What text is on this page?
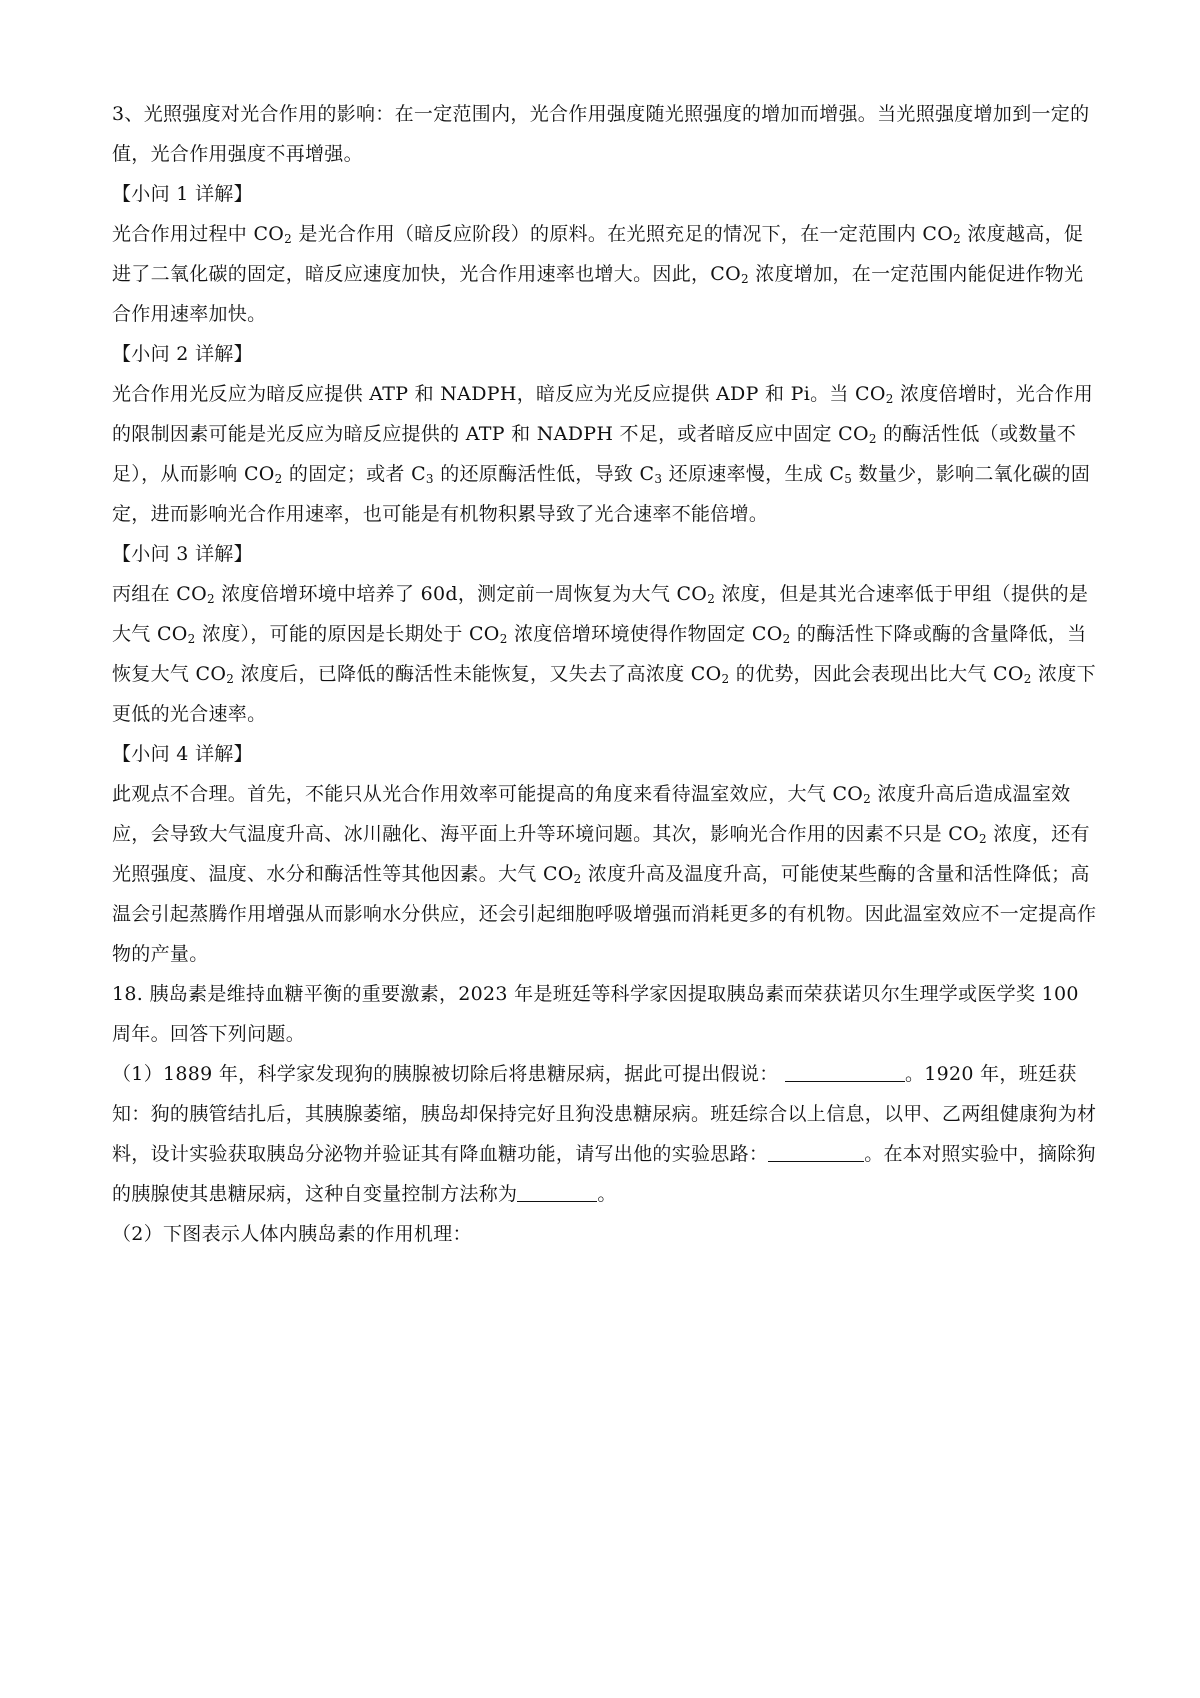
3、光照强度对光合作用的影响：在一定范围内，光合作用强度随光照强度的增加而增强。当光照强度增加到一定的值，光合作用强度不再增强。

【小问 1 详解】

光合作用过程中 $CO_2$ 是光合作用（暗反应阶段）的原料。在光照充足的情况下，在一定范围内 $CO_2$ 浓度越高，促进了二氧化碳的固定，暗反应速度加快，光合作用速率也增大。因此，$CO_2$ 浓度增加，在一定范围内能促进作物光合作用速率加快。

【小问 2 详解】

光合作用光反应为暗反应提供 ATP 和 NADPH，暗反应为光反应提供 ADP 和 Pi。当 $CO_2$ 浓度倍增时，光合作用的限制因素可能是光反应为暗反应提供的 ATP 和 NADPH 不足，或者暗反应中固定 $CO_2$ 的酶活性低（或数量不足），从而影响 $CO_2$ 的固定；或者 $C_3$ 的还原酶活性低，导致 $C_3$ 还原速率慢，生成 $C_5$ 数量少，影响二氧化碳的固定，进而影响光合作用速率，也可能是有机物积累导致了光合速率不能倍增。

【小问 3 详解】

丙组在 $CO_2$ 浓度倍增环境中培养了 60d，测定前一周恢复为大气 $CO_2$ 浓度，但是其光合速率低于甲组（提供的是大气 $CO_2$ 浓度），可能的原因是长期处于 $CO_2$ 浓度倍增环境使得作物固定 $CO_2$ 的酶活性下降或酶的含量降低，当恢复大气 $CO_2$ 浓度后，已降低的酶活性未能恢复，又失去了高浓度 $CO_2$ 的优势，因此会表现出比大气 $CO_2$ 浓度下更低的光合速率。

【小问 4 详解】

此观点不合理。首先，不能只从光合作用效率可能提高的角度来看待温室效应，大气 $CO_2$ 浓度升高后造成温室效应，会导致大气温度升高、冰川融化、海平面上升等环境问题。其次，影响光合作用的因素不只是 $CO_2$ 浓度，还有光照强度、温度、水分和酶活性等其他因素。大气 $CO_2$ 浓度升高及温度升高，可能使某些酶的含量和活性降低；高温会引起蒸腾作用增强从而影响水分供应，还会引起细胞呼吸增强而消耗更多的有机物。因此温室效应不一定提高作物的产量。

18. 胰岛素是维持血糖平衡的重要激素，2023 年是班廷等科学家因提取胰岛素而荣获诺贝尔生理学或医学奖 100 周年。回答下列问题。

（1）1889 年，科学家发现狗的胰腺被切除后将患糖尿病，据此可提出假说：	。1920 年，班廷获知：狗的胰管结扎后，其胰腺萎缩，胰岛却保持完好且狗没患糖尿病。班廷综合以上信息，以甲、乙两组健康狗为材料，设计实验获取胰岛分泌物并验证其有降血糖功能，请写出他的实验思路：	。在本对照实验中，摘除狗的胰腺使其患糖尿病，这种自变量控制方法称为	。

（2）下图表示人体内胰岛素的作用机理：
